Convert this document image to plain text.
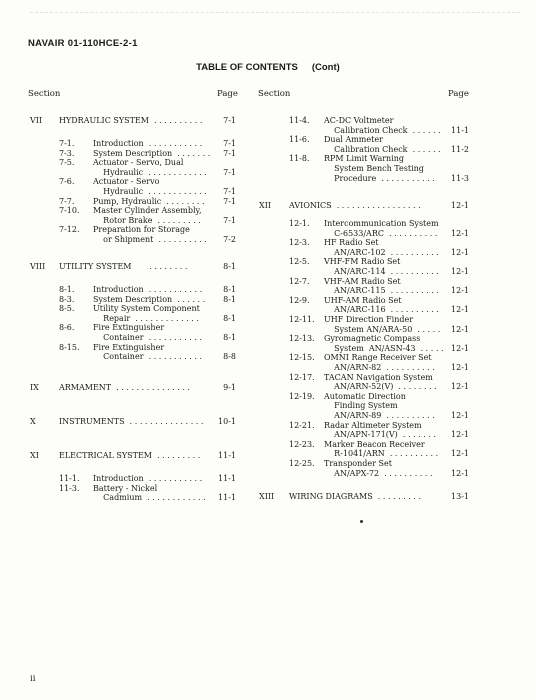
NAVAIR 01-110HCE-2-1
TABLE OF CONTENTS (Cont)
Section	Page Section	Page
VII HYDRAULIC SYSTEM  . . . . . . . . . .	7-1
7-1. Introduction  . . . . . . . . . . .	7-1
7-3. System Description  . . . . . . .	7-1
7-5. Actuator - Servo, Dual
Hydraulic  . . . . . . . . . . . .	7-1
7-6. Actuator - Servo
Hydraulic  . . . . . . . . . . . .	7-1
7-7. Pump, Hydraulic  . . . . . . . .	7-1
7-10. Master Cylinder Assembly,
Rotor Brake  . . . . . . . . .	7-1
7-12. Preparation for Storage
or Shipment  . . . . . . . . . .	7-2
VIII UTILITY SYSTEM       . . . . . . . .	8-1
8-1. Introduction  . . . . . . . . . . .	8-1
8-3. System Description  . . . . . .	8-1
8-5. Utility System Component
Repair  . . . . . . . . . . . . .	8-1
8-6. Fire Extinguisher
Container  . . . . . . . . . . .	8-1
8-15. Fire Extinguisher
Container  . . . . . . . . . . .	8-8
IX	ARMAMENT  . . . . . . . . . . . . . . .	9-1
X	INSTRUMENTS  . . . . . . . . . . . . . . .	10-1
XI	ELECTRICAL SYSTEM  . . . . . . . . .	11-1
11-1. Introduction  . . . . . . . . . . .	11-1
11-3. Battery - Nickel
Cadmium  . . . . . . . . . . . .	11-1
11-4. AC-DC Voltmeter
Calibration Check  . . . . . .	11-1
11-6. Dual Ammeter
Calibration Check  . . . . . .	11-2
11-8. RPM Limit Warning
System Bench Testing
Procedure  . . . . . . . . . . .	11-3
XII AVIONICS  . . . . . . . . . . . . . . . . .	12-1
12-1. Intercommunication System
C-6533/ARC  . . . . . . . . . .	12-1
12-3. HF Radio Set
AN/ARC-102  . . . . . . . . . .	12-1
12-5. VHF-FM Radio Set
AN/ARC-114  . . . . . . . . . .	12-1
12-7. VHF-AM Radio Set
AN/ARC-115  . . . . . . . . . .	12-1
12-9. UHF-AM Radio Set
AN/ARC-116  . . . . . . . . . .	12-1
12-11. UHF Direction Finder
System AN/ARA-50  . . . . .	12-1
12-13. Gyromagnetic Compass
System  AN/ASN-43  . . . . . 12-1
12-15. OMNI Range Receiver Set
AN/ARN-82  . . . . . . . . . .	12-1
12-17. TACAN Navigation System
AN/ARN-52(V)  . . . . . . . .	12-1
12-19. Automatic Direction
Finding System
AN/ARN-89  . . . . . . . . . .	12-1
12-21. Radar Altimeter System
AN/APN-171(V)  . . . . . . .	12-1
12-23. Marker Beacon Receiver
R-1041/ARN  . . . . . . . . . .	12-1
12-25. Transponder Set
AN/APX-72  . . . . . . . . . .	12-1
XIII WIRING DIAGRAMS  . . . . . . . . .	13-1
ii
